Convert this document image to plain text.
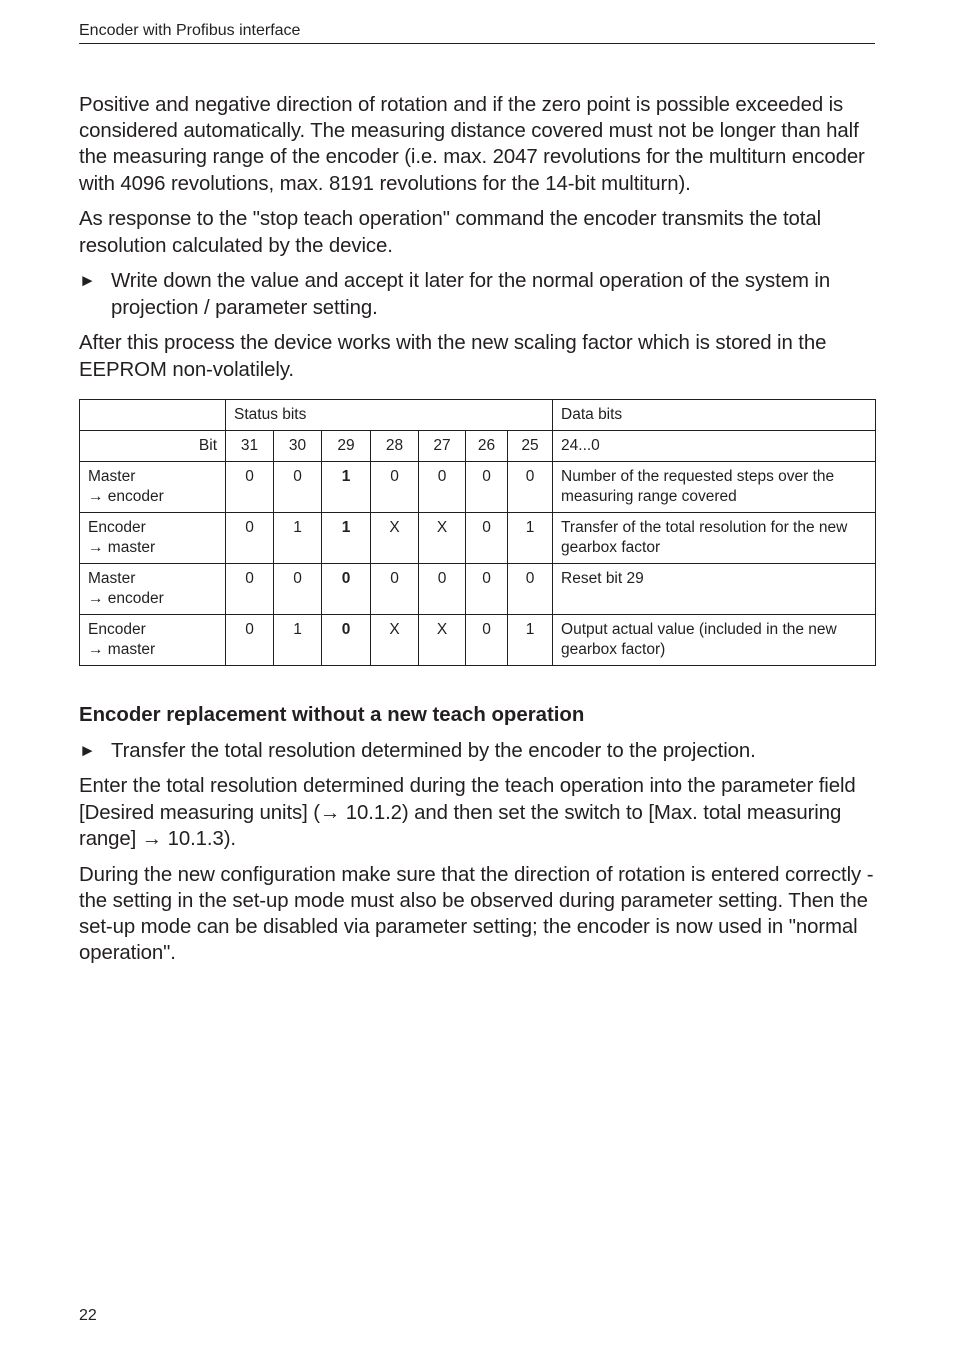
Encoder with Profibus interface

Positive and negative direction of rotation and if the zero point is possible exceeded is considered automatically. The measuring distance covered must not be longer than half the measuring range of the encoder (i.e. max. 2047 revolutions for the multiturn encoder with 4096 revolutions, max. 8191 revolutions for the 14-bit multiturn).

As response to the "stop teach operation" command the encoder transmits the total resolution calculated by the device.

► Write down the value and accept it later for the normal operation of the system in projection / parameter setting.

After this process the device works with the new scaling factor which is stored in the EEPROM non-volatilely.

	Status bits							Data bits
Bit	31	30	29	28	27	26	25	24...0

Master
→ encoder	0	0	1	0	0	0	0	Number of the requested steps over the measuring range covered

Encoder
→ master	0	1	1	X	X	0	1	Transfer of the total resolution for the new gearbox factor

Master
→ encoder	0	0	0	0	0	0	0	Reset bit 29

Encoder
→ master	0	1	0	X	X	0	1	Output actual value (included in the new gearbox factor)
Encoder replacement without a new teach operation
► Transfer the total resolution determined by the encoder to the projection.

Enter the total resolution determined during the teach operation into the parameter field [Desired measuring units] (→ 10.1.2) and then set the switch to [Max. total measuring range] → 10.1.3).

During the new configuration make sure that the direction of rotation is entered correctly - the setting in the set-up mode must also be observed during parameter setting. Then the set-up mode can be disabled via parameter setting; the encoder is now used in "normal operation".

22
